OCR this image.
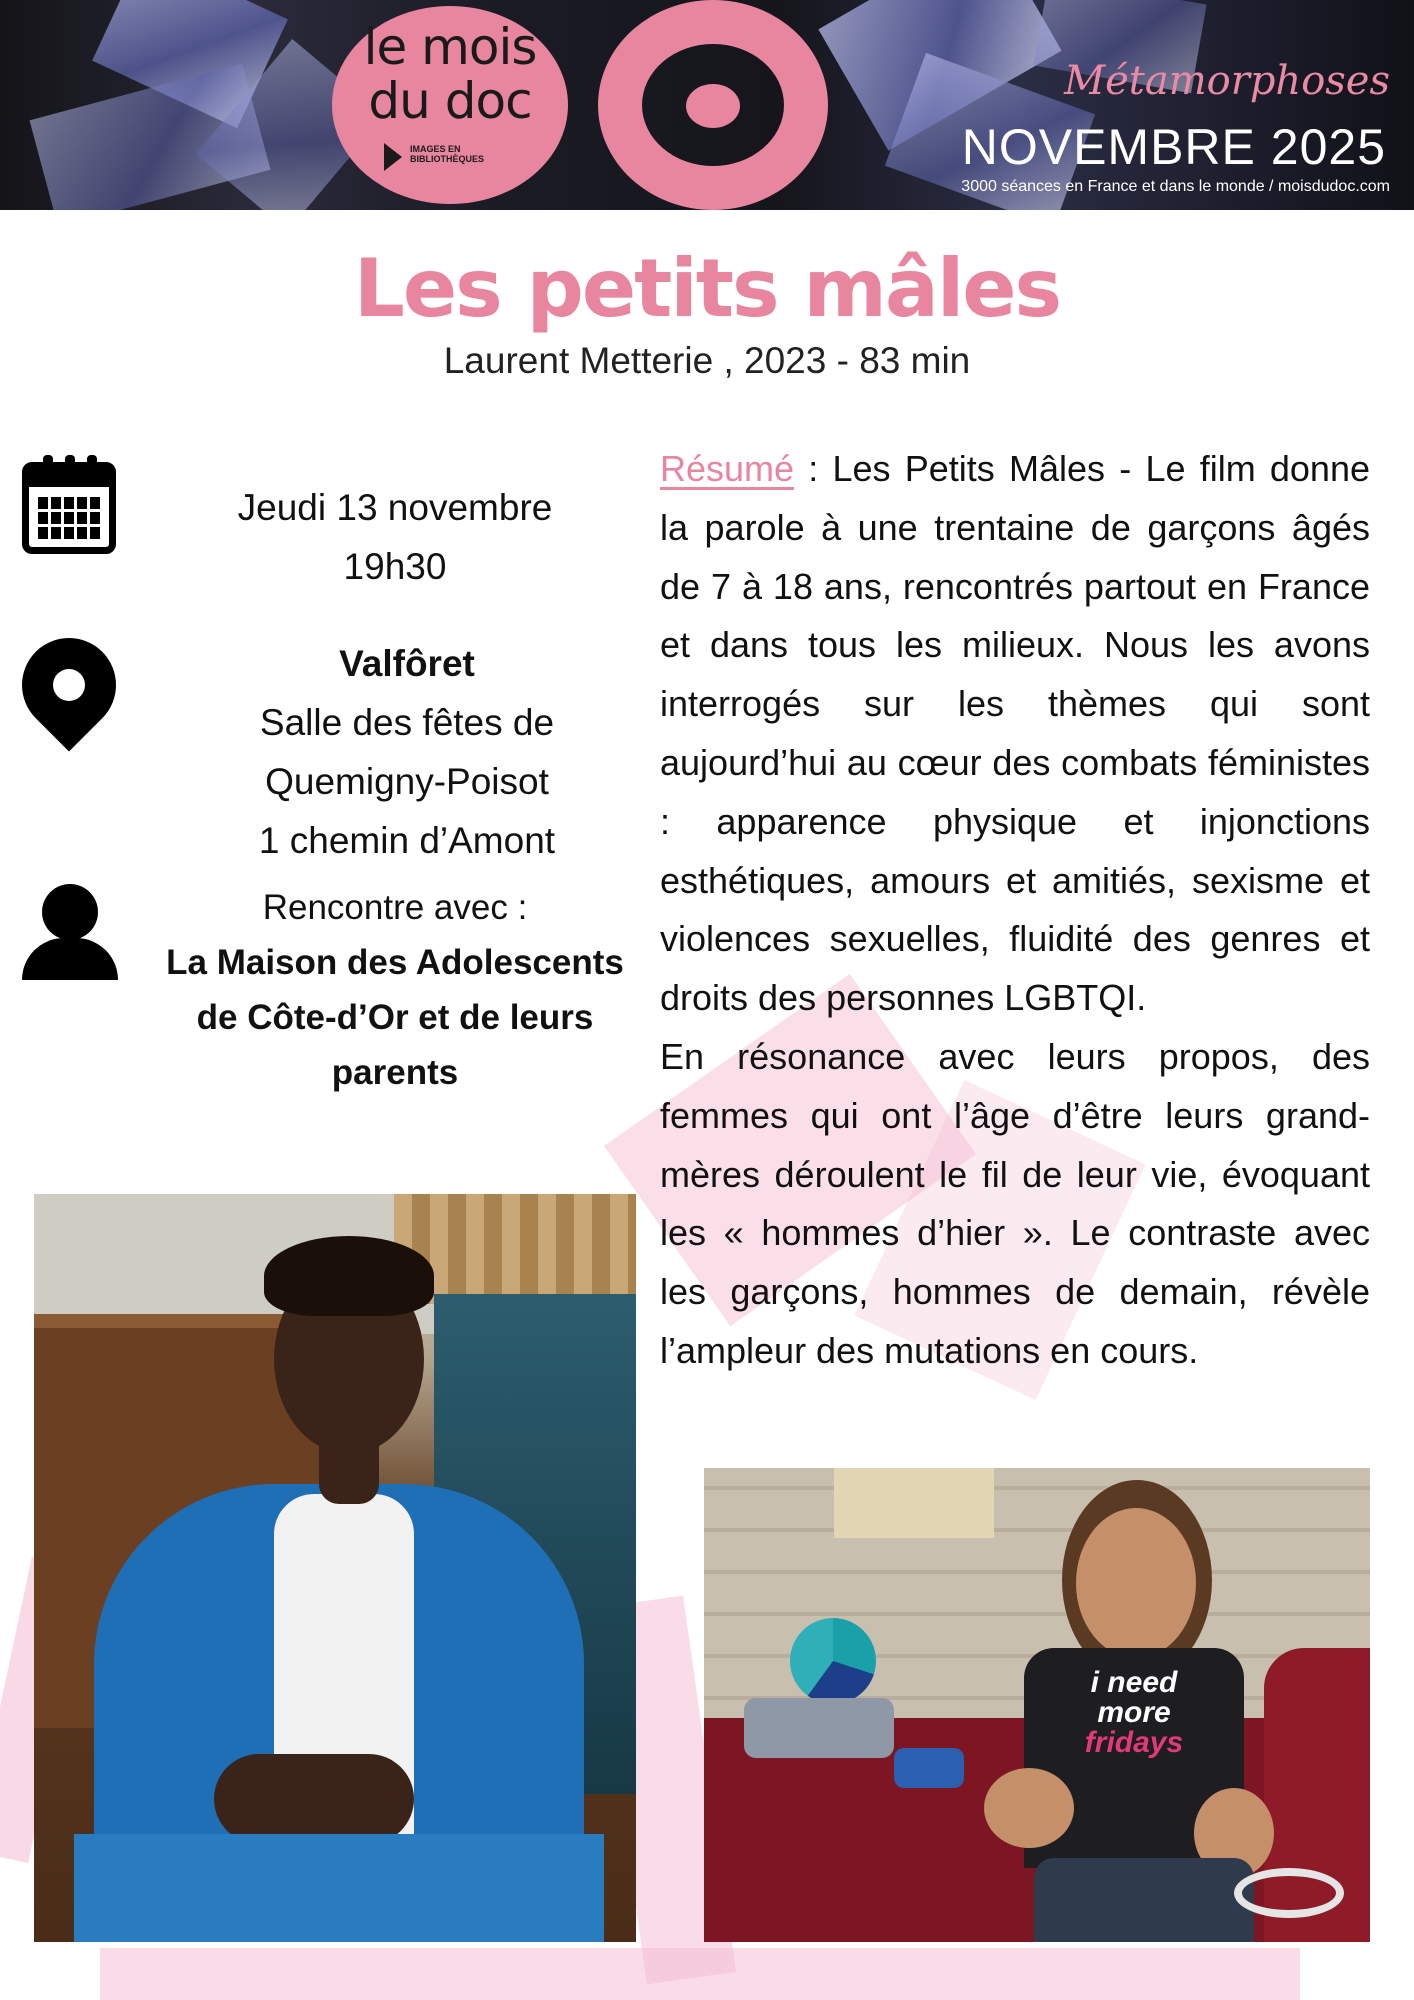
le mois
du doc
IMAGES EN BIBLIOTHÈQUES
Métamorphoses
NOVEMBRE 2025
3000 séances en France et dans le monde / moisdudoc.com
Les petits mâles
Laurent Metterie , 2023 - 83 min
Jeudi 13 novembre
19h30
Valfôret
Salle des fêtes de
Quemigny-Poisot
1 chemin d’Amont
Rencontre avec :
La Maison des Adolescents
de Côte-d’Or et de leurs
parents

Résumé : Les Petits Mâles - Le film donne la parole à une trentaine de garçons âgés de 7 à 18 ans, rencontrés partout en France et dans tous les milieux. Nous les avons interrogés sur les thèmes qui sont aujourd’hui au cœur des combats féministes : apparence physique et injonctions esthétiques, amours et amitiés, sexisme et violences sexuelles, fluidité des genres et droits des personnes LGBTQI.

En résonance avec leurs propos, des femmes qui ont l’âge d’être leurs grand-mères déroulent le fil de leur vie, évoquant les « hommes d’hier ». Le contraste avec les garçons, hommes de demain, révèle l’ampleur des mutations en cours.

i need
more
fridays
